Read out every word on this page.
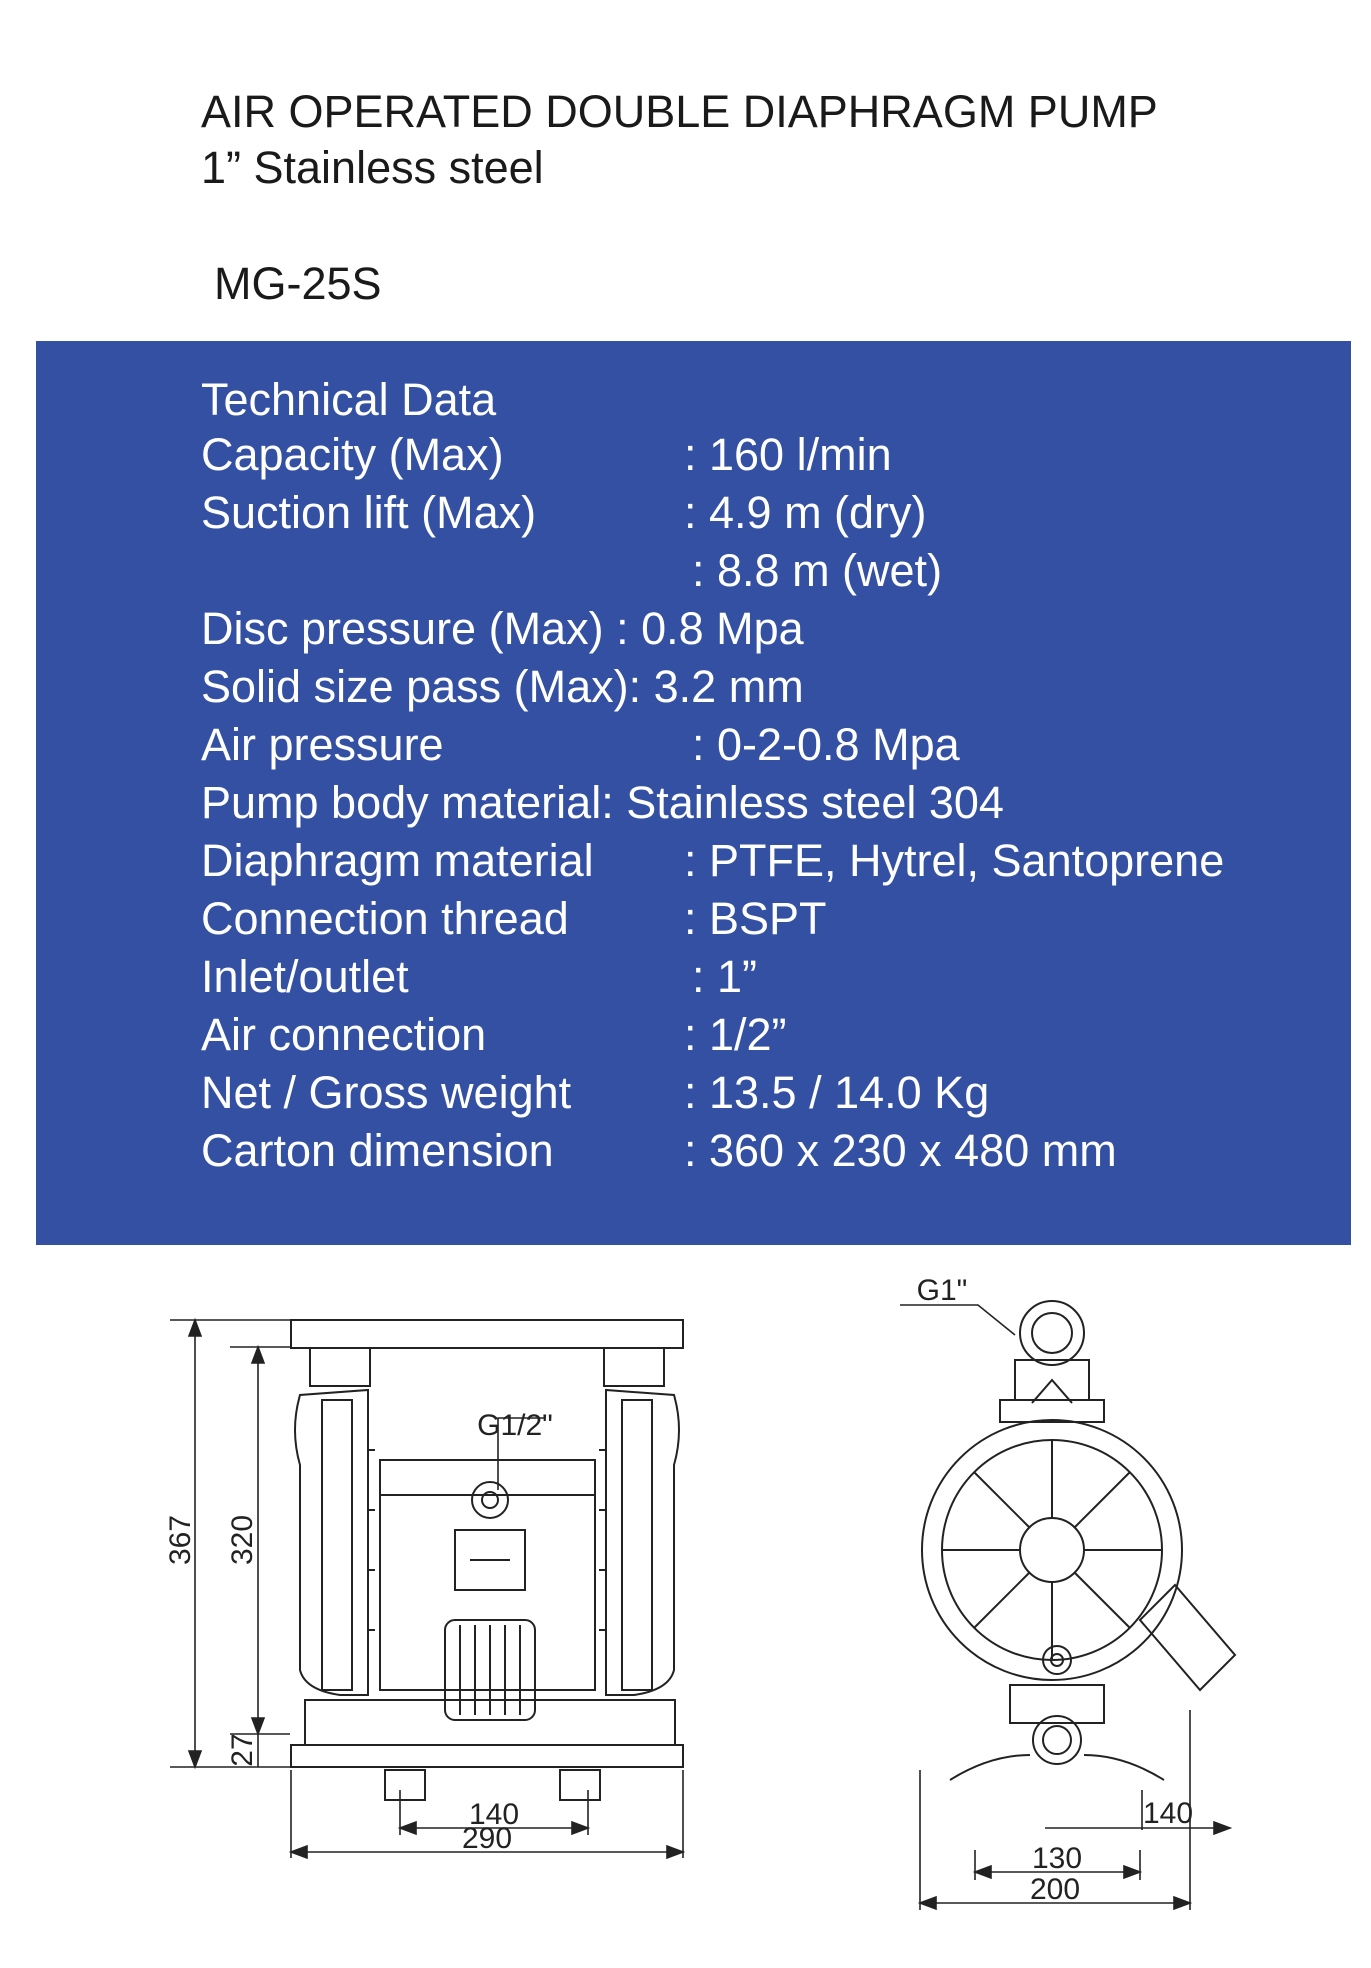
AIR OPERATED DOUBLE DIAPHRAGM PUMP
1” Stainless steel
MG-25S
Technical Data
Capacity (Max)	: 160 l/min
Suction lift (Max)	: 4.9 m (dry)
: 8.8 m (wet)
Disc pressure (Max) : 0.8 Mpa
Solid size pass (Max): 3.2 mm
Air pressure	: 0-2-0.8 Mpa
Pump body material: Stainless steel 304
Diaphragm material : PTFE, Hytrel, Santoprene
Connection thread	: BSPT
Inlet/outlet	: 1”
Air connection	: 1/2”
Net / Gross weight	: 13.5 / 14.0 Kg
Carton dimension	: 360 x 230 x 480 mm
G1/2"
367 320
27
140
290
G1"
140
130
200
